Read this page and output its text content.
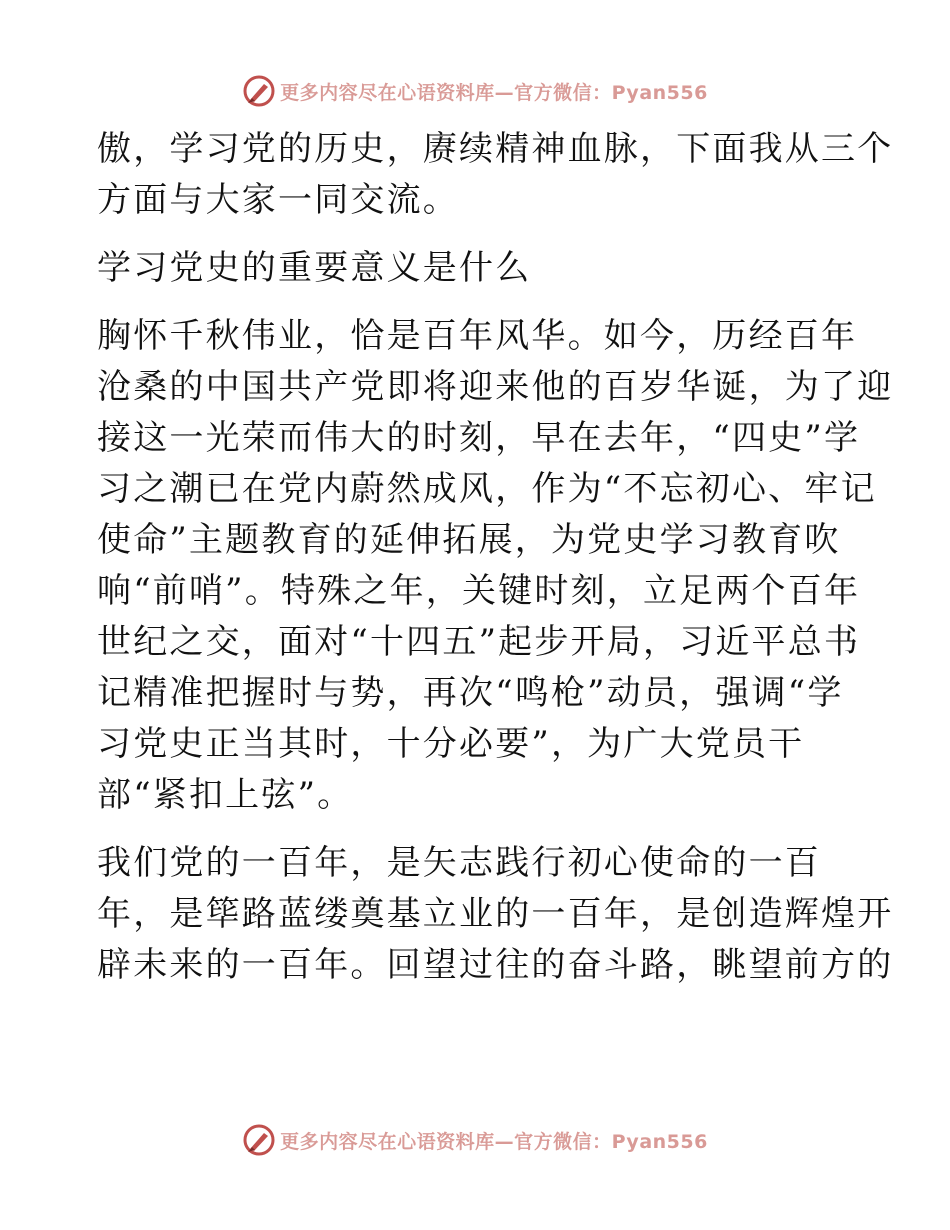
更多内容尽在心语资料库—官方微信：Pyan556
傲，学习党的历史，赓续精神血脉，下面我从三个
方面与大家一同交流。
学习党史的重要意义是什么
胸怀千秋伟业，恰是百年风华。如今，历经百年
沧桑的中国共产党即将迎来他的百岁华诞，为了迎
接这一光荣而伟大的时刻，早在去年，“四史”学
习之潮已在党内蔚然成风，作为“不忘初心、牢记
使命”主题教育的延伸拓展，为党史学习教育吹
响“前哨”。特殊之年，关键时刻，立足两个百年
世纪之交，面对“十四五”起步开局，习近平总书
记精准把握时与势，再次“鸣枪”动员，强调“学
习党史正当其时，十分必要”，为广大党员干
部“紧扣上弦”。
我们党的一百年，是矢志践行初心使命的一百
年，是筚路蓝缕奠基立业的一百年，是创造辉煌开
辟未来的一百年。回望过往的奋斗路，眺望前方的
更多内容尽在心语资料库—官方微信：Pyan556
